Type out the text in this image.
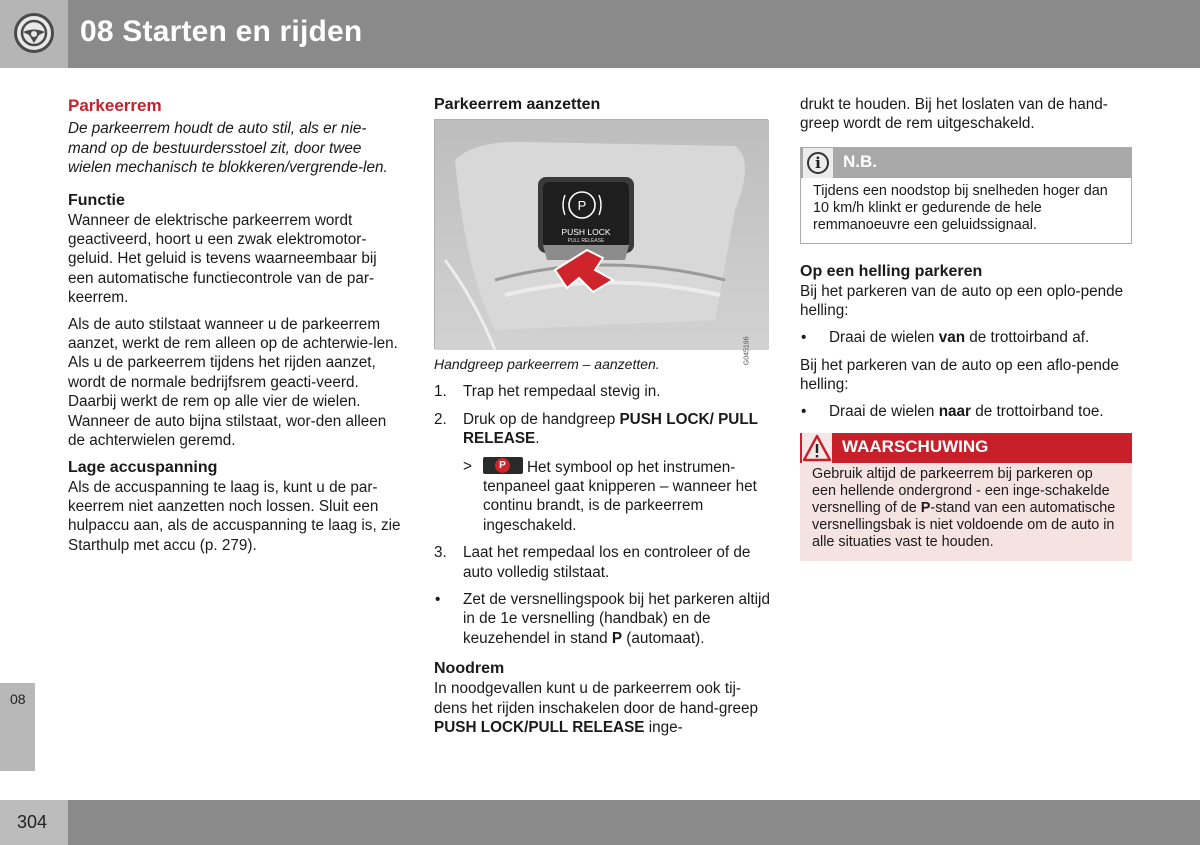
08 Starten en rijden
Parkeerrem

De parkeerrem houdt de auto stil, als er nie-mand op de bestuurdersstoel zit, door twee wielen mechanisch te blokkeren/vergrende-len.

Functie

Wanneer de elektrische parkeerrem wordt geactiveerd, hoort u een zwak elektromotor-geluid. Het geluid is tevens waarneembaar bij een automatische functiecontrole van de par-keerrem.

Als de auto stilstaat wanneer u de parkeerrem aanzet, werkt de rem alleen op de achterwie-len. Als u de parkeerrem tijdens het rijden aanzet, wordt de normale bedrijfsrem geacti-veerd. Daarbij werkt de rem op alle vier de wielen. Wanneer de auto bijna stilstaat, wor-den alleen de achterwielen geremd.

Lage accuspanning

Als de accuspanning te laag is, kunt u de par-keerrem niet aanzetten noch lossen. Sluit een hulpaccu aan, als de accuspanning te laag is, zie Starthulp met accu (p. 279).

Parkeerrem aanzetten
P
PUSH LOCK
PULL RELEASE
G045196
Handgreep parkeerrem – aanzetten.
1. Trap het rempedaal stevig in.
2. Druk op de handgreep PUSH LOCK/ PULL RELEASE.
>	P Het symbool op het instrumen-tenpaneel gaat knipperen – wanneer het continu brandt, is de parkeerrem ingeschakeld.
3. Laat het rempedaal los en controleer of de auto volledig stilstaat.
• Zet de versnellingspook bij het parkeren altijd in de 1e versnelling (handbak) en de keuzehendel in stand P (automaat).
Noodrem

In noodgevallen kunt u de parkeerrem ook tij-dens het rijden inschakelen door de hand-greep PUSH LOCK/PULL RELEASE inge-

drukt te houden. Bij het loslaten van de hand-greep wordt de rem uitgeschakeld.

i	N.B.
Tijdens een noodstop bij snelheden hoger dan 10 km/h klinkt er gedurende de hele remmanoeuvre een geluidssignaal.
Op een helling parkeren

Bij het parkeren van de auto op een oplo-pende helling:

• Draai de wielen van de trottoirband af.

Bij het parkeren van de auto op een aflo-pende helling:

• Draai de wielen naar de trottoirband toe.
WAARSCHUWING
Gebruik altijd de parkeerrem bij parkeren op een hellende ondergrond - een inge-schakelde versnelling of de P-stand van een automatische versnellingsbak is niet voldoende om de auto in alle situaties vast te houden.
08
304
